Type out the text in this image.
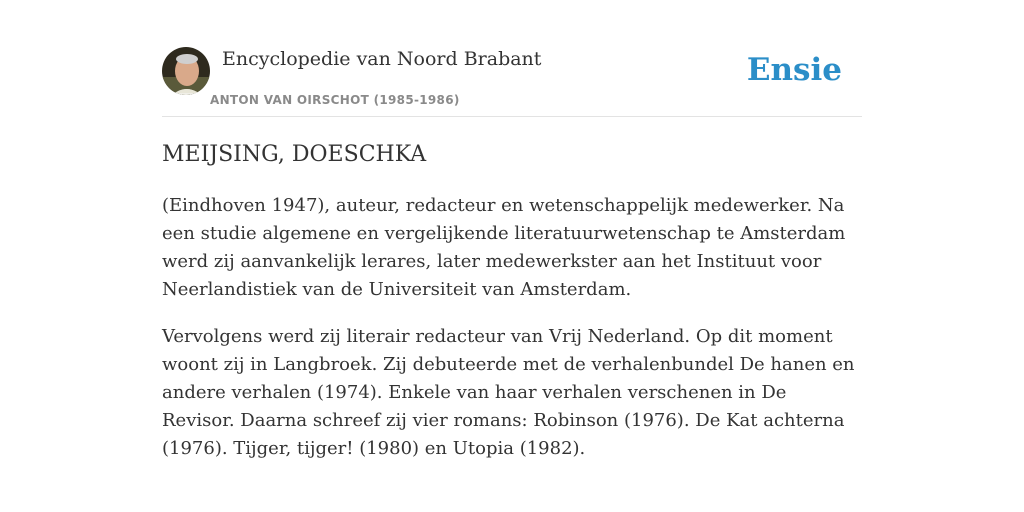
Encyclopedie van Noord Brabant
ANTON VAN OIRSCHOT (1985-1986)
Ensie
MEIJSING, DOESCHKA

(Eindhoven 1947), auteur, redacteur en wetenschappelijk medewerker. Na een studie algemene en vergelijkende literatuurwetenschap te Amsterdam werd zij aanvankelijk lerares, later medewerkster aan het Instituut voor Neerlandistiek van de Universiteit van Amsterdam.

Vervolgens werd zij literair redacteur van Vrij Nederland. Op dit moment woont zij in Langbroek. Zij debuteerde met de verhalenbundel De hanen en andere verhalen (1974). Enkele van haar verhalen verschenen in De Revisor. Daarna schreef zij vier romans: Robinson (1976). De Kat achterna (1976). Tijger, tijger! (1980) en Utopia (1982).
